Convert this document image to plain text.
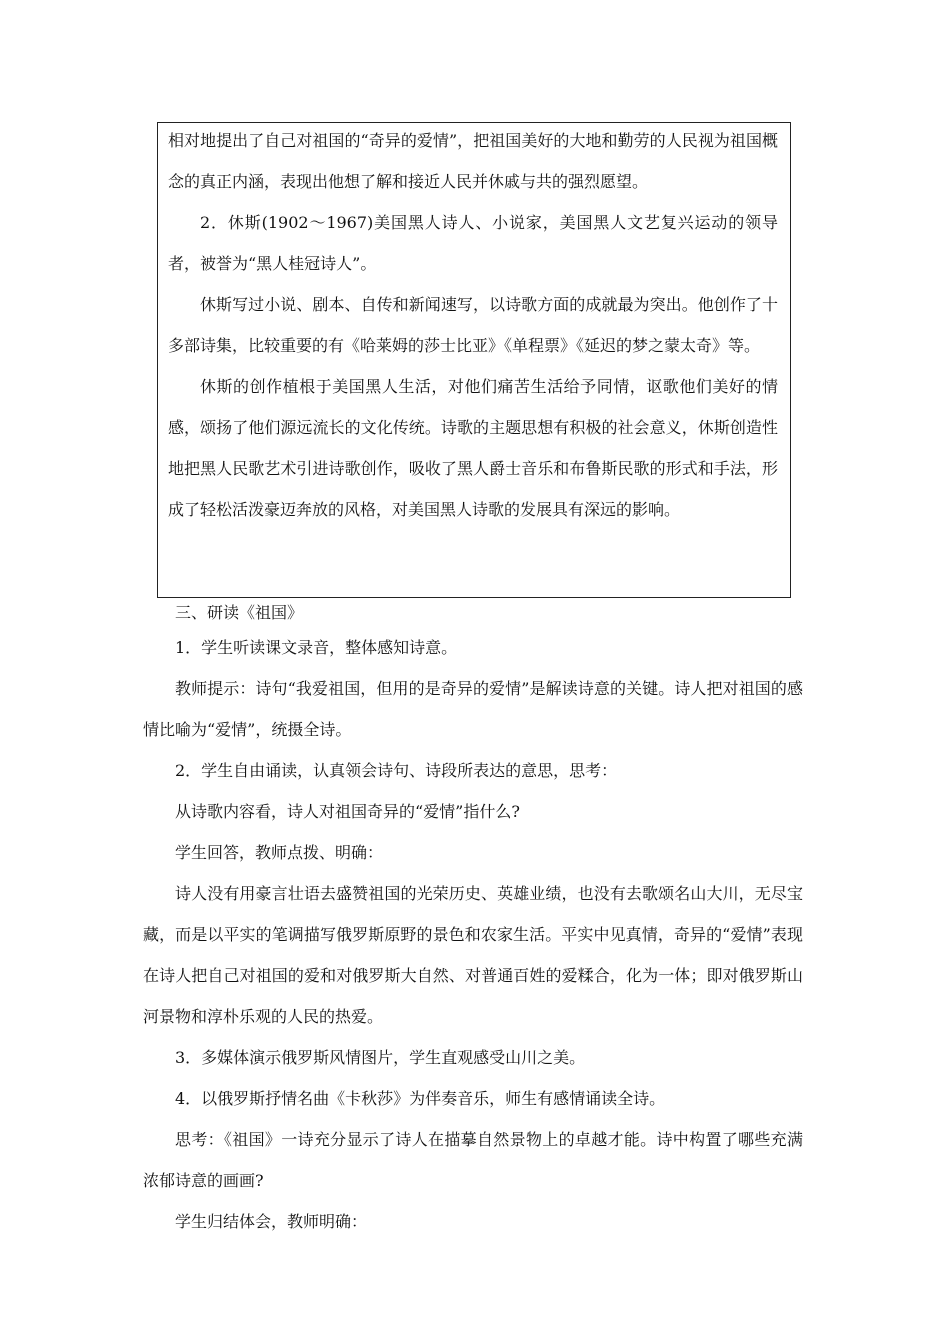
相对地提出了自己对祖国的“奇异的爱情”，把祖国美好的大地和勤劳的人民视为祖国概念的真正内涵，表现出他想了解和接近人民并休戚与共的强烈愿望。

2．休斯(1902～1967)美国黑人诗人、小说家，美国黑人文艺复兴运动的领导者，被誉为“黑人桂冠诗人”。

休斯写过小说、剧本、自传和新闻速写，以诗歌方面的成就最为突出。他创作了十多部诗集，比较重要的有《哈莱姆的莎士比亚》《单程票》《延迟的梦之蒙太奇》等。

休斯的创作植根于美国黑人生活，对他们痛苦生活给予同情，讴歌他们美好的情感，颂扬了他们源远流长的文化传统。诗歌的主题思想有积极的社会意义，休斯创造性地把黑人民歌艺术引进诗歌创作，吸收了黑人爵士音乐和布鲁斯民歌的形式和手法，形成了轻松活泼豪迈奔放的风格，对美国黑人诗歌的发展具有深远的影响。

三、研读《祖国》

1．学生听读课文录音，整体感知诗意。

教师提示：诗句“我爱祖国，但用的是奇异的爱情”是解读诗意的关键。诗人把对祖国的感情比喻为“爱情”，统摄全诗。

2．学生自由诵读，认真领会诗句、诗段所表达的意思，思考：

从诗歌内容看，诗人对祖国奇异的“爱情”指什么?

学生回答，教师点拨、明确：

诗人没有用豪言壮语去盛赞祖国的光荣历史、英雄业绩，也没有去歌颂名山大川，无尽宝藏，而是以平实的笔调描写俄罗斯原野的景色和农家生活。平实中见真情，奇异的“爱情”表现在诗人把自己对祖国的爱和对俄罗斯大自然、对普通百姓的爱糅合，化为一体；即对俄罗斯山河景物和淳朴乐观的人民的热爱。

3．多媒体演示俄罗斯风情图片，学生直观感受山川之美。

4．以俄罗斯抒情名曲《卡秋莎》为伴奏音乐，师生有感情诵读全诗。

思考：《祖国》一诗充分显示了诗人在描摹自然景物上的卓越才能。诗中构置了哪些充满浓郁诗意的画画?

学生归结体会，教师明确：
